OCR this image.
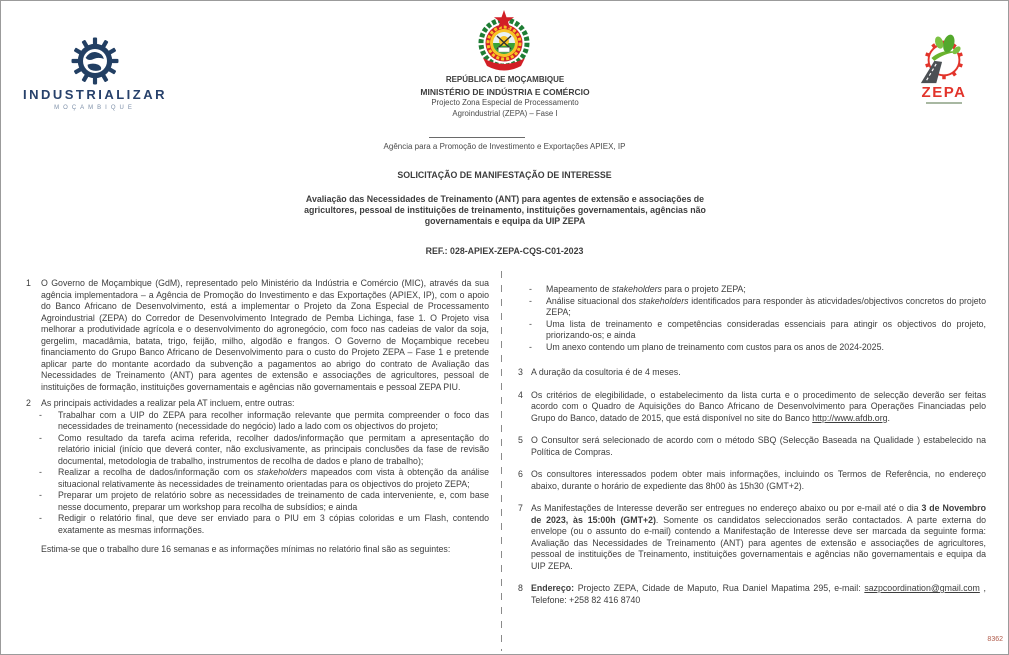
INDUSTRIALIZAR
MOÇAMBIQUE
REPÚBLICA DE MOÇAMBIQUE
MINISTÉRIO DE INDÚSTRIA E COMÉRCIO
Projecto Zona Especial de Processamento
Agroindustrial (ZEPA) – Fase I
ZEPA
Agência para a Promoção de Investimento e Exportações APIEX, IP
SOLICITAÇÃO DE MANIFESTAÇÃO DE INTERESSE
Avaliação das Necessidades de Treinamento (ANT) para agentes de extensão e associações de agricultores, pessoal de instituições de treinamento, instituições governamentais, agências não governamentais e equipa da UIP ZEPA
REF.: 028-APIEX-ZEPA-CQS-C01-2023
1	O Governo de Moçambique (GdM), representado pelo Ministério da Indústria e Comércio (MIC), através da sua agência implementadora – a Agência de Promoção do Investimento e das Exportações (APIEX, IP), com o apoio do Banco Africano de Desenvolvimento, está a implementar o Projeto da Zona Especial de Processamento Agroindustrial (ZEPA) do Corredor de Desenvolvimento Integrado de Pemba Lichinga, fase 1. O Projeto visa melhorar a produtividade agrícola e o desenvolvimento do agronegócio, com foco nas cadeias de valor da soja, gergelim, macadâmia, batata, trigo, feijão, milho, algodão e frangos. O Governo de Moçambique recebeu financiamento do Grupo Banco Africano de Desenvolvimento para o custo do Projeto ZEPA – Fase 1 e pretende aplicar parte do montante acordado da subvenção a pagamentos ao abrigo do contrato de Avaliação das Necessidades de Treinamento (ANT) para agentes de extensão e associações de agricultores, pessoal de instituições de formação, instituições governamentais e agências não governamentais e pessoal ZEPA PIU.
2	As principais actividades a realizar pela AT incluem, entre outras:
-	Trabalhar com a UIP do ZEPA para recolher informação relevante que permita compreender o foco das necessidades de treinamento (necessidade do negócio) lado a lado com os objectivos do projeto;
-	Como resultado da tarefa acima referida, recolher dados/informação que permitam a apresentação do relatório inicial (início que deverá conter, não exclusivamente, as principais conclusões da fase de revisão documental, metodologia de trabalho, instrumentos de recolha de dados e plano de trabalho);
-	Realizar a recolha de dados/informação com os stakeholders mapeados com vista à obtenção da análise situacional relativamente às necessidades de treinamento orientadas para os objectivos do projeto ZEPA;
-	Preparar um projeto de relatório sobre as necessidades de treinamento de cada interveniente, e, com base nesse documento, preparar um workshop para recolha de subsídios; e ainda
-	Redigir o relatório final, que deve ser enviado para o PIU em 3 cópias coloridas e um Flash, contendo exatamente as mesmas informações.

Estima-se que o trabalho dure 16 semanas e as informações mínimas no relatório final são as seguintes:

-	Mapeamento de stakeholders para o projeto ZEPA;
-	Análise situacional dos stakeholders identificados para responder às aticvidades/objectivos concretos do projeto ZEPA;
-	Uma lista de treinamento e competências consideradas essenciais para atingir os objectivos do projeto, priorizando-os; e ainda
-	Um anexo contendo um plano de treinamento com custos para os anos de 2024-2025.
3 A duração da cosultoria é de 4 meses.
4 Os critérios de elegibilidade, o estabelecimento da lista curta e o procedimento de selecção deverão ser feitas acordo com o Quadro de Aquisições do Banco Africano de Desenvolvimento para Operações Financiadas pelo Grupo do Banco, datado de 2015, que está disponível no site do Banco http://www.afdb.org.
5 O Consultor será selecionado de acordo com o método SBQ (Selecção Baseada na Qualidade ) estabelecido na Política de Compras.
6 Os consultores interessados podem obter mais informações, incluindo os Termos de Referência, no endereço abaixo, durante o horário de expediente das 8h00 às 15h30 (GMT+2).
7 As Manifestações de Interesse deverão ser entregues no endereço abaixo ou por e-mail até o dia 3 de Novembro de 2023, às 15:00h (GMT+2). Somente os candidatos seleccionados serão contactados. A parte externa do envelope (ou o assunto do e-mail) contendo a Manifestação de Interesse deve ser marcada da seguinte forma: Avaliação das Necessidades de Treinamento (ANT) para agentes de extensão e associações de agricultores, pessoal de instituições de Treinamento, instituições governamentais e agências não governamentais e equipa da UIP ZEPA.
8 Endereço: Projecto ZEPA, Cidade de Maputo, Rua Daniel Mapatima 295, e-mail: sazpcoordination@gmail.com , Telefone: +258 82 416 8740
8362
